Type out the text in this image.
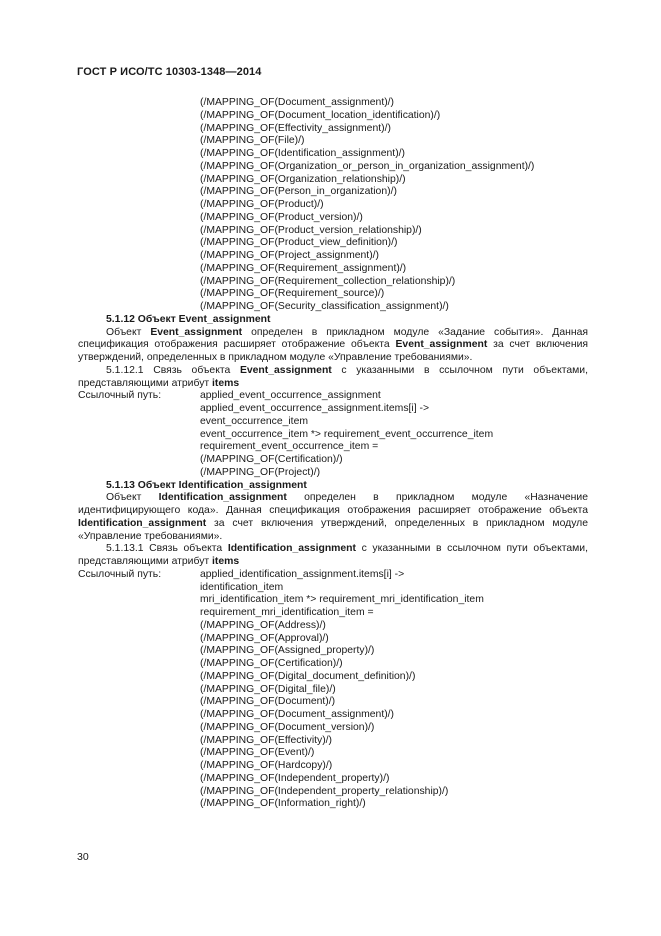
ГОСТ Р ИСО/ТС 10303-1348—2014
(/MAPPING_OF(Document_assignment)/)
(/MAPPING_OF(Document_location_identification)/)
(/MAPPING_OF(Effectivity_assignment)/)
(/MAPPING_OF(File)/)
(/MAPPING_OF(Identification_assignment)/)
(/MAPPING_OF(Organization_or_person_in_organization_assignment)/)
(/MAPPING_OF(Organization_relationship)/)
(/MAPPING_OF(Person_in_organization)/)
(/MAPPING_OF(Product)/)
(/MAPPING_OF(Product_version)/)
(/MAPPING_OF(Product_version_relationship)/)
(/MAPPING_OF(Product_view_definition)/)
(/MAPPING_OF(Project_assignment)/)
(/MAPPING_OF(Requirement_assignment)/)
(/MAPPING_OF(Requirement_collection_relationship)/)
(/MAPPING_OF(Requirement_source)/)
(/MAPPING_OF(Security_classification_assignment)/)
5.1.12 Объект Event_assignment
Объект Event_assignment определен в прикладном модуле «Задание события». Данная спецификация отображения расширяет отображение объекта Event_assignment за счет включения утверждений, определенных в прикладном модуле «Управление требованиями».
5.1.12.1 Связь объекта Event_assignment с указанными в ссылочном пути объектами, представляющими атрибут items
Ссылочный путь:	applied_event_occurrence_assignment
applied_event_occurrence_assignment.items[i] ->
event_occurrence_item
event_occurrence_item *> requirement_event_occurrence_item
requirement_event_occurrence_item =
(/MAPPING_OF(Certification)/)
(/MAPPING_OF(Project)/)
5.1.13 Объект Identification_assignment
Объект Identification_assignment определен в прикладном модуле «Назначение идентифицирующего кода». Данная спецификация отображения расширяет отображение объекта Identification_assignment за счет включения утверждений, определенных в прикладном модуле «Управление требованиями».
5.1.13.1 Связь объекта Identification_assignment с указанными в ссылочном пути объектами, представляющими атрибут items
Ссылочный путь:	applied_identification_assignment.items[i] ->
identification_item
mri_identification_item *> requirement_mri_identification_item
requirement_mri_identification_item =
(/MAPPING_OF(Address)/)
(/MAPPING_OF(Approval)/)
(/MAPPING_OF(Assigned_property)/)
(/MAPPING_OF(Certification)/)
(/MAPPING_OF(Digital_document_definition)/)
(/MAPPING_OF(Digital_file)/)
(/MAPPING_OF(Document)/)
(/MAPPING_OF(Document_assignment)/)
(/MAPPING_OF(Document_version)/)
(/MAPPING_OF(Effectivity)/)
(/MAPPING_OF(Event)/)
(/MAPPING_OF(Hardcopy)/)
(/MAPPING_OF(Independent_property)/)
(/MAPPING_OF(Independent_property_relationship)/)
(/MAPPING_OF(Information_right)/)
30
